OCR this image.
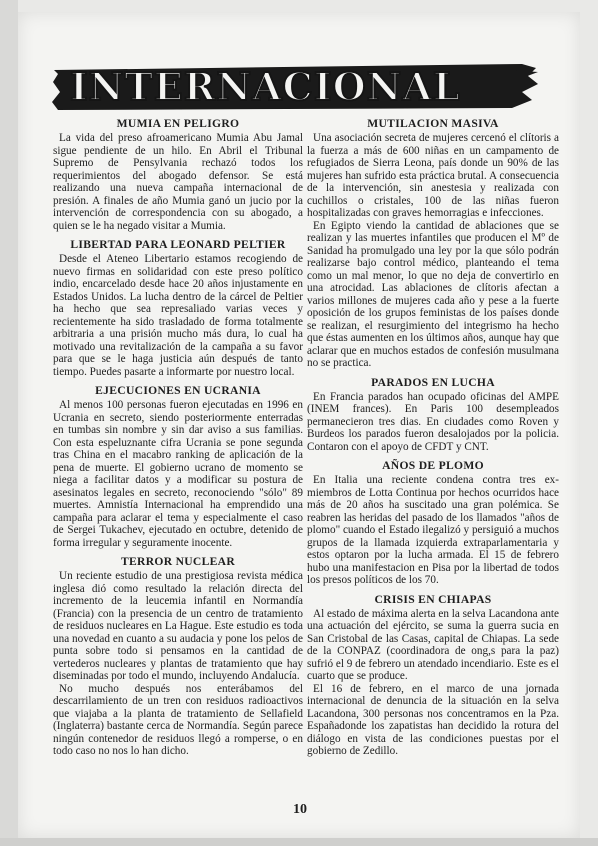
INTERNACIONAL
MUMIA EN PELIGRO

La vida del preso afroamericano Mumia Abu Jamal sigue pendiente de un hilo. En Abril el Tribunal Supremo de Pensylvania rechazó todos los requerimientos del abogado defensor. Se está realizando una nueva campaña internacional de presión. A finales de año Mumia ganó un jucio por la intervención de correspondencia con su abogado, a quien se le ha negado visitar a Mumia.

LIBERTAD PARA LEONARD PELTIER

Desde el Ateneo Libertario estamos recogiendo de nuevo firmas en solidaridad con este preso político indio, encarcelado desde hace 20 años injustamente en Estados Unidos. La lucha dentro de la cárcel de Peltier ha hecho que sea represaliado varias veces y recientemente ha sido trasladado de forma totalmente arbitraria a una prisión mucho más dura, lo cual ha motivado una revitalización de la campaña a su favor para que se le haga justicia aún después de tanto tiempo. Puedes pasarte a informarte por nuestro local.

EJECUCIONES EN UCRANIA

Al menos 100 personas fueron ejecutadas en 1996 en Ucrania en secreto, siendo posteriormente enterradas en tumbas sin nombre y sin dar aviso a sus familias. Con esta espeluznante cifra Ucrania se pone segunda tras China en el macabro ranking de aplicación de la pena de muerte. El gobierno ucrano de momento se niega a facilitar datos y a modificar su postura de asesinatos legales en secreto, reconociendo "sólo" 89 muertes. Amnistía Internacional ha emprendido una campaña para aclarar el tema y especialmente el caso de Sergei Tukachev, ejecutado en octubre, detenido de forma irregular y seguramente inocente.

TERROR NUCLEAR

Un reciente estudio de una prestigiosa revista médica inglesa dió como resultado la relación directa del incremento de la leucemia infantil en Normandía (Francia) con la presencia de un centro de tratamiento de residuos nucleares en La Hague. Este estudio es toda una novedad en cuanto a su audacia y pone los pelos de punta sobre todo si pensamos en la cantidad de vertederos nucleares y plantas de tratamiento que hay diseminadas por todo el mundo, incluyendo Andalucía.

No mucho después nos enterábamos del descarrilamiento de un tren con residuos radioactivos que viajaba a la planta de tratamiento de Sellafield (Inglaterra) bastante cerca de Normandía. Según parece ningún contenedor de residuos llegó a romperse, o en todo caso no nos lo han dicho.

MUTILACION MASIVA

Una asociación secreta de mujeres cercenó el clítoris a la fuerza a más de 600 niñas en un campamento de refugiados de Sierra Leona, país donde un 90% de las mujeres han sufrido esta práctica brutal. A consecuencia de la intervención, sin anestesia y realizada con cuchillos o cristales, 100 de las niñas fueron hospitalizadas con graves hemorragias e infecciones.

En Egipto viendo la cantidad de ablaciones que se realizan y las muertes infantiles que producen el Mº de Sanidad ha promulgado una ley por la que sólo podrán realizarse bajo control médico, planteando el tema como un mal menor, lo que no deja de convertirlo en una atrocidad. Las ablaciones de clítoris afectan a varios millones de mujeres cada año y pese a la fuerte oposición de los grupos feministas de los países donde se realizan, el resurgimiento del integrismo ha hecho que éstas aumenten en los últimos años, aunque hay que aclarar que en muchos estados de confesión musulmana no se practica.

PARADOS EN LUCHA

En Francia parados han ocupado oficinas del AMPE (INEM frances). En Paris 100 desempleados permanecieron tres dias. En ciudades como Roven y Burdeos los parados fueron desalojados por la policia. Contaron con el apoyo de CFDT y CNT.

AÑOS DE PLOMO

En Italia una reciente condena contra tres ex-miembros de Lotta Continua por hechos ocurridos hace más de 20 años ha suscitado una gran polémica. Se reabren las heridas del pasado de los llamados "años de plomo" cuando el Estado ilegalizó y persiguió a muchos grupos de la llamada izquierda extraparlamentaria y estos optaron por la lucha armada. El 15 de febrero hubo una manifestacion en Pisa por la libertad de todos los presos políticos de los 70.

CRISIS EN CHIAPAS

Al estado de máxima alerta en la selva Lacandona ante una actuación del ejército, se suma la guerra sucia en San Cristobal de las Casas, capital de Chiapas. La sede de la CONPAZ (coordinadora de ong,s para la paz) sufrió el 9 de febrero un atendado incendiario. Este es el cuarto que se produce.

El 16 de febrero, en el marco de una jornada internacional de denuncia de la situación en la selva Lacandona, 300 personas nos concentramos en la Pza. Españadonde los zapatistas han decidido la rotura del diálogo en vista de las condiciones puestas por el gobierno de Zedillo.

10
